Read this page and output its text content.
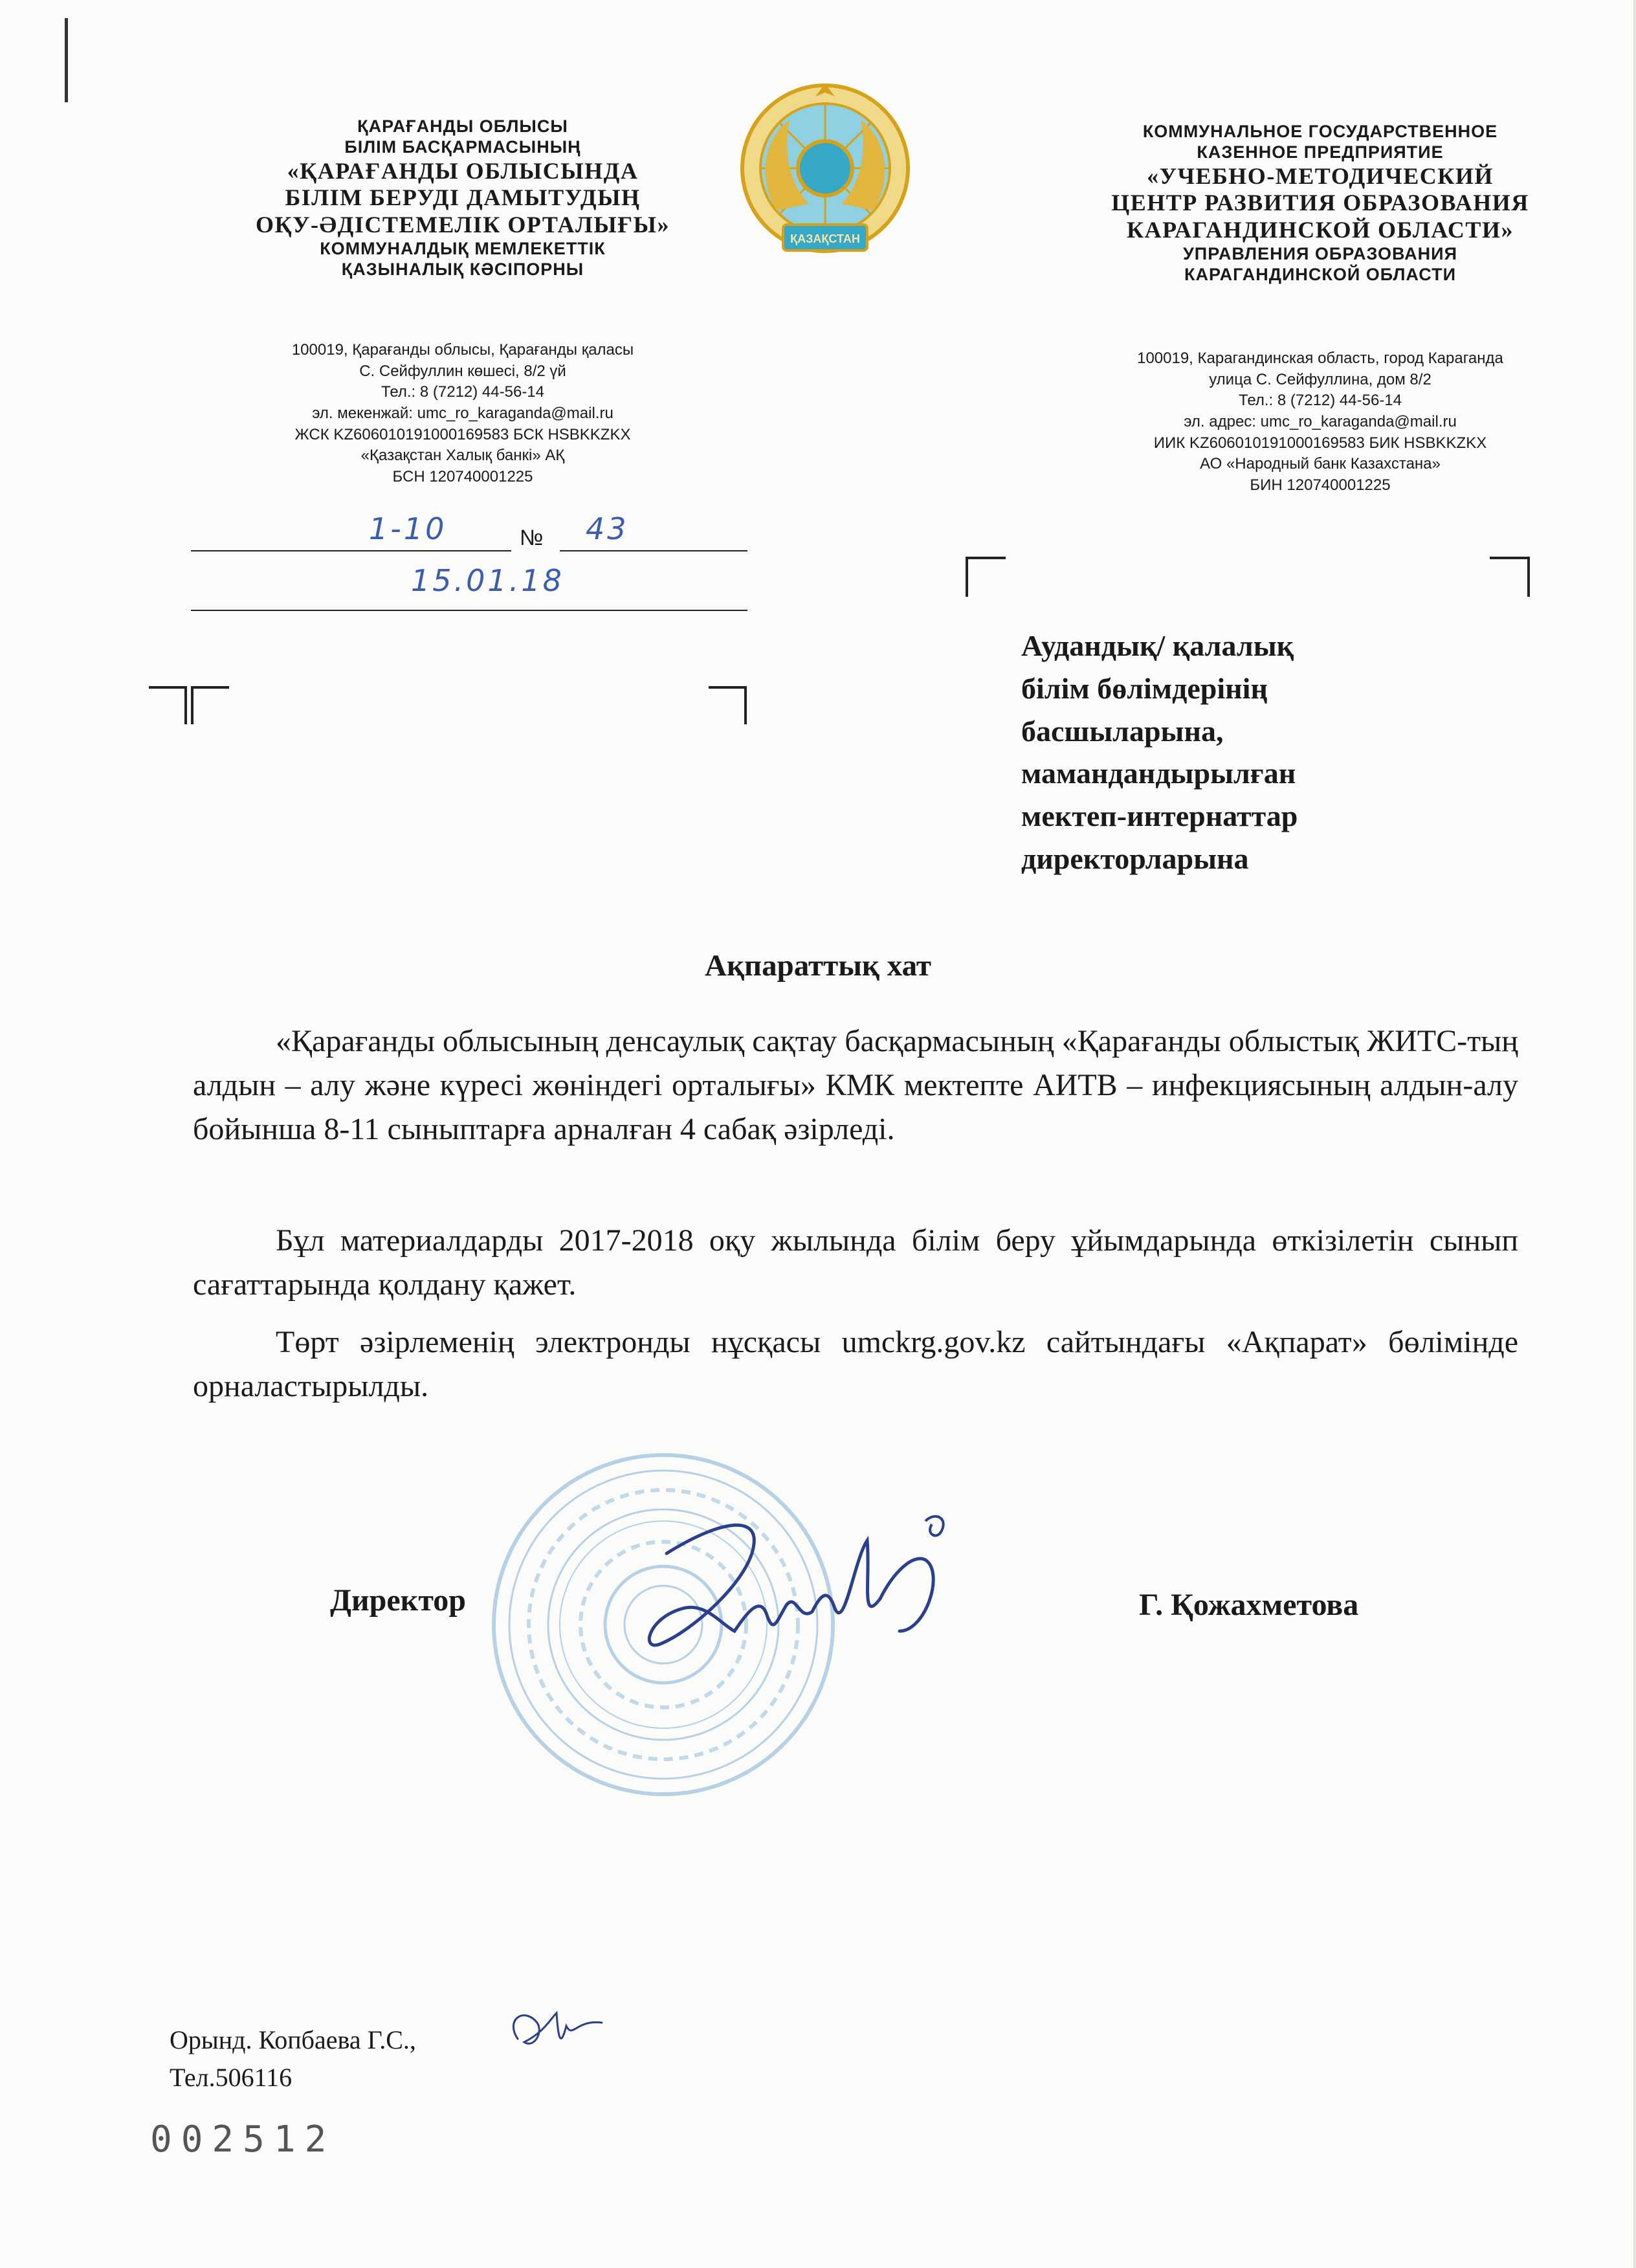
ҚАРАҒАНДЫ ОБЛЫСЫ
БІЛІМ БАСҚАРМАСЫНЫҢ
«ҚАРАҒАНДЫ ОБЛЫСЫНДА
БІЛІМ БЕРУДІ ДАМЫТУДЫҢ
ОҚУ-ӘДІСТЕМЕЛІК ОРТАЛЫҒЫ»
КОММУНАЛДЫҚ МЕМЛЕКЕТТІК
ҚАЗЫНАЛЫҚ КӘСІПОРНЫ
100019, Қарағанды облысы, Қарағанды қаласы
С. Сейфуллин көшесі, 8/2 үй
Тел.: 8 (7212) 44-56-14
эл. мекенжай: umc_ro_karaganda@mail.ru
ЖСК KZ606010191000169583 БСК HSBKKZKX
«Қазақстан Халық банкі» АҚ
БСН 120740001225
ҚАЗАҚСТАН
КОММУНАЛЬНОЕ ГОСУДАРСТВЕННОЕ
КАЗЕННОЕ ПРЕДПРИЯТИЕ
«УЧЕБНО-МЕТОДИЧЕСКИЙ
ЦЕНТР РАЗВИТИЯ ОБРАЗОВАНИЯ
КАРАГАНДИНСКОЙ ОБЛАСТИ»
УПРАВЛЕНИЯ ОБРАЗОВАНИЯ
КАРАГАНДИНСКОЙ ОБЛАСТИ
100019, Карагандинская область, город Караганда
улица С. Сейфуллина, дом 8/2
Тел.: 8 (7212) 44-56-14
эл. адрес: umc_ro_karaganda@mail.ru
ИИК KZ606010191000169583 БИК HSBKKZKX
АО «Народный банк Казахстана»
БИН 120740001225
1-10	№ 43
15.01.18
Аудандық/ қалалық
білім бөлімдерінің
басшыларына,
мамандандырылған
мектеп-интернаттар
директорларына
Ақпараттық хат
«Қарағанды облысының денсаулық сақтау басқармасының «Қарағанды облыстық ЖИТС-тың алдын – алу және күресі жөніндегі орталығы» КМК мектепте АИТВ – инфекциясының алдын-алу бойынша 8-11 сыныптарға арналған 4 сабақ әзірледі.
Бұл материалдарды 2017-2018 оқу жылында білім беру ұйымдарында өткізілетін сынып сағаттарында қолдану қажет.
Төрт әзірлеменің электронды нұсқасы umckrg.gov.kz сайтындағы «Ақпарат» бөлімінде орналастырылды.
Директор	Г. Қожахметова
Орынд. Копбаева Г.С.,
Тел.506116
002512
